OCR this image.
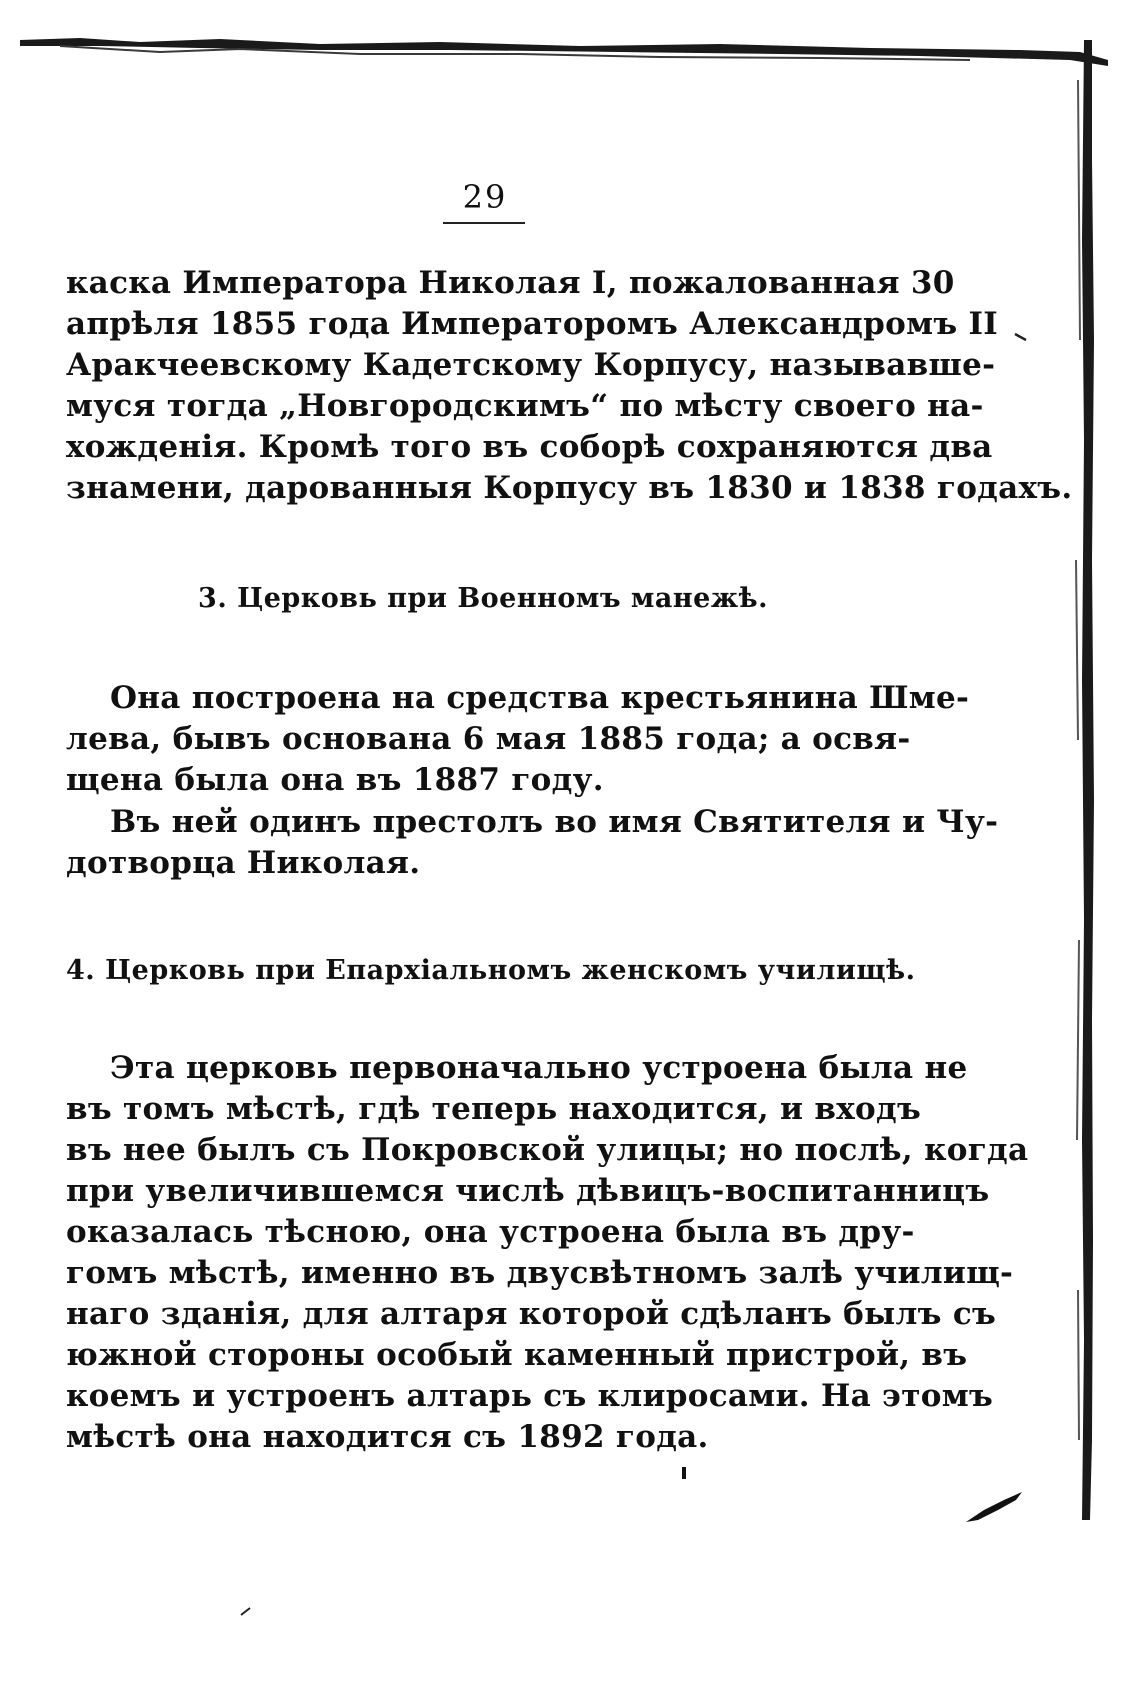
29
каска Императора Николая I, пожалованная 30
апрѣля 1855 года Императоромъ Александромъ II
Аракчеевскому Кадетскому Корпусу, называвше-
муся тогда „Новгородскимъ“ по мѣсту своего на-
хожденія. Кромѣ того въ соборѣ сохраняются два
знамени, дарованныя Корпусу въ 1830 и 1838 годахъ.
3. Церковь при Военномъ манежѣ.
Она построена на средства крестьянина Шме-
лева, бывъ основана 6 мая 1885 года; а освя-
щена была она въ 1887 году.
Въ ней одинъ престолъ во имя Святителя и Чу-
дотворца Николая.
4. Церковь при Епархіальномъ женскомъ училищѣ.
Эта церковь первоначально устроена была не
въ томъ мѣстѣ, гдѣ теперь находится, и входъ
въ нее былъ съ Покровской улицы; но послѣ, когда
при увеличившемся числѣ дѣвицъ-воспитанницъ
оказалась тѣсною, она устроена была въ дру-
гомъ мѣстѣ, именно въ двусвѣтномъ залѣ училищ-
наго зданія, для алтаря которой сдѣланъ былъ съ
южной стороны особый каменный пристрой, въ
коемъ и устроенъ алтарь съ клиросами. На этомъ
мѣстѣ она находится съ 1892 года.
